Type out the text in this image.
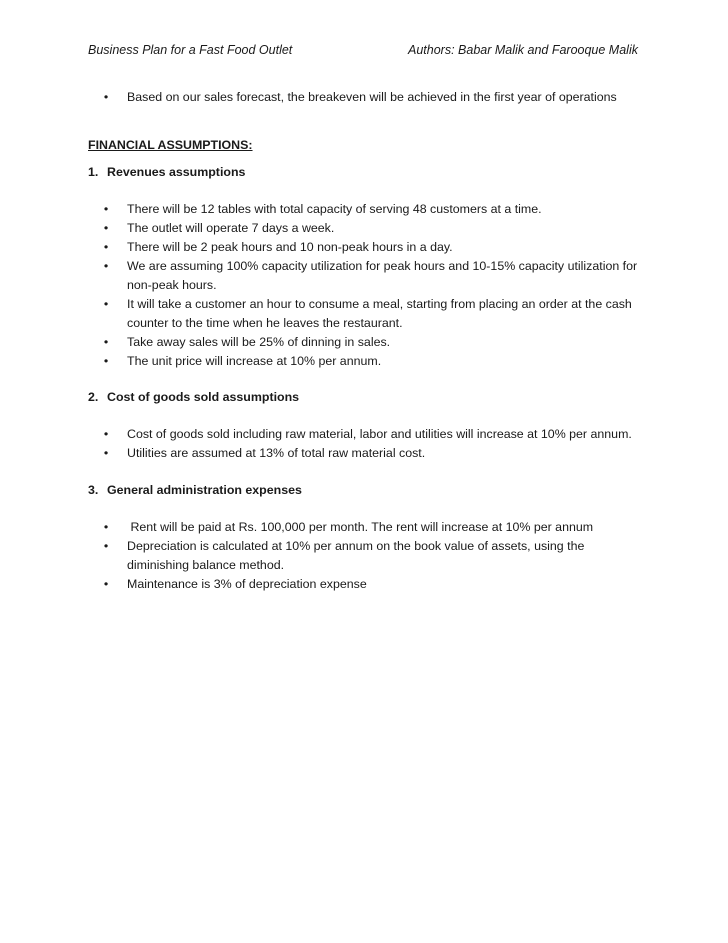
Business Plan for a Fast Food Outlet	Authors: Babar Malik and Farooque Malik
• Based on our sales forecast, the breakeven will be achieved in the first year of operations
FINANCIAL ASSUMPTIONS:
1. Revenues assumptions
• There will be 12 tables with total capacity of serving 48 customers at a time.
• The outlet will operate 7 days a week.
• There will be 2 peak hours and 10 non-peak hours in a day.
• We are assuming 100% capacity utilization for peak hours and 10-15% capacity utilization for non-peak hours.
• It will take a customer an hour to consume a meal, starting from placing an order at the cash counter to the time when he leaves the restaurant.
• Take away sales will be 25% of dinning in sales.
• The unit price will increase at 10% per annum.
2. Cost of goods sold assumptions
• Cost of goods sold including raw material, labor and utilities will increase at 10% per annum.
• Utilities are assumed at 13% of total raw material cost.
3. General administration expenses
• Rent will be paid at Rs. 100,000 per month. The rent will increase at 10% per annum
• Depreciation is calculated at 10% per annum on the book value of assets, using the diminishing balance method.
• Maintenance is 3% of depreciation expense
